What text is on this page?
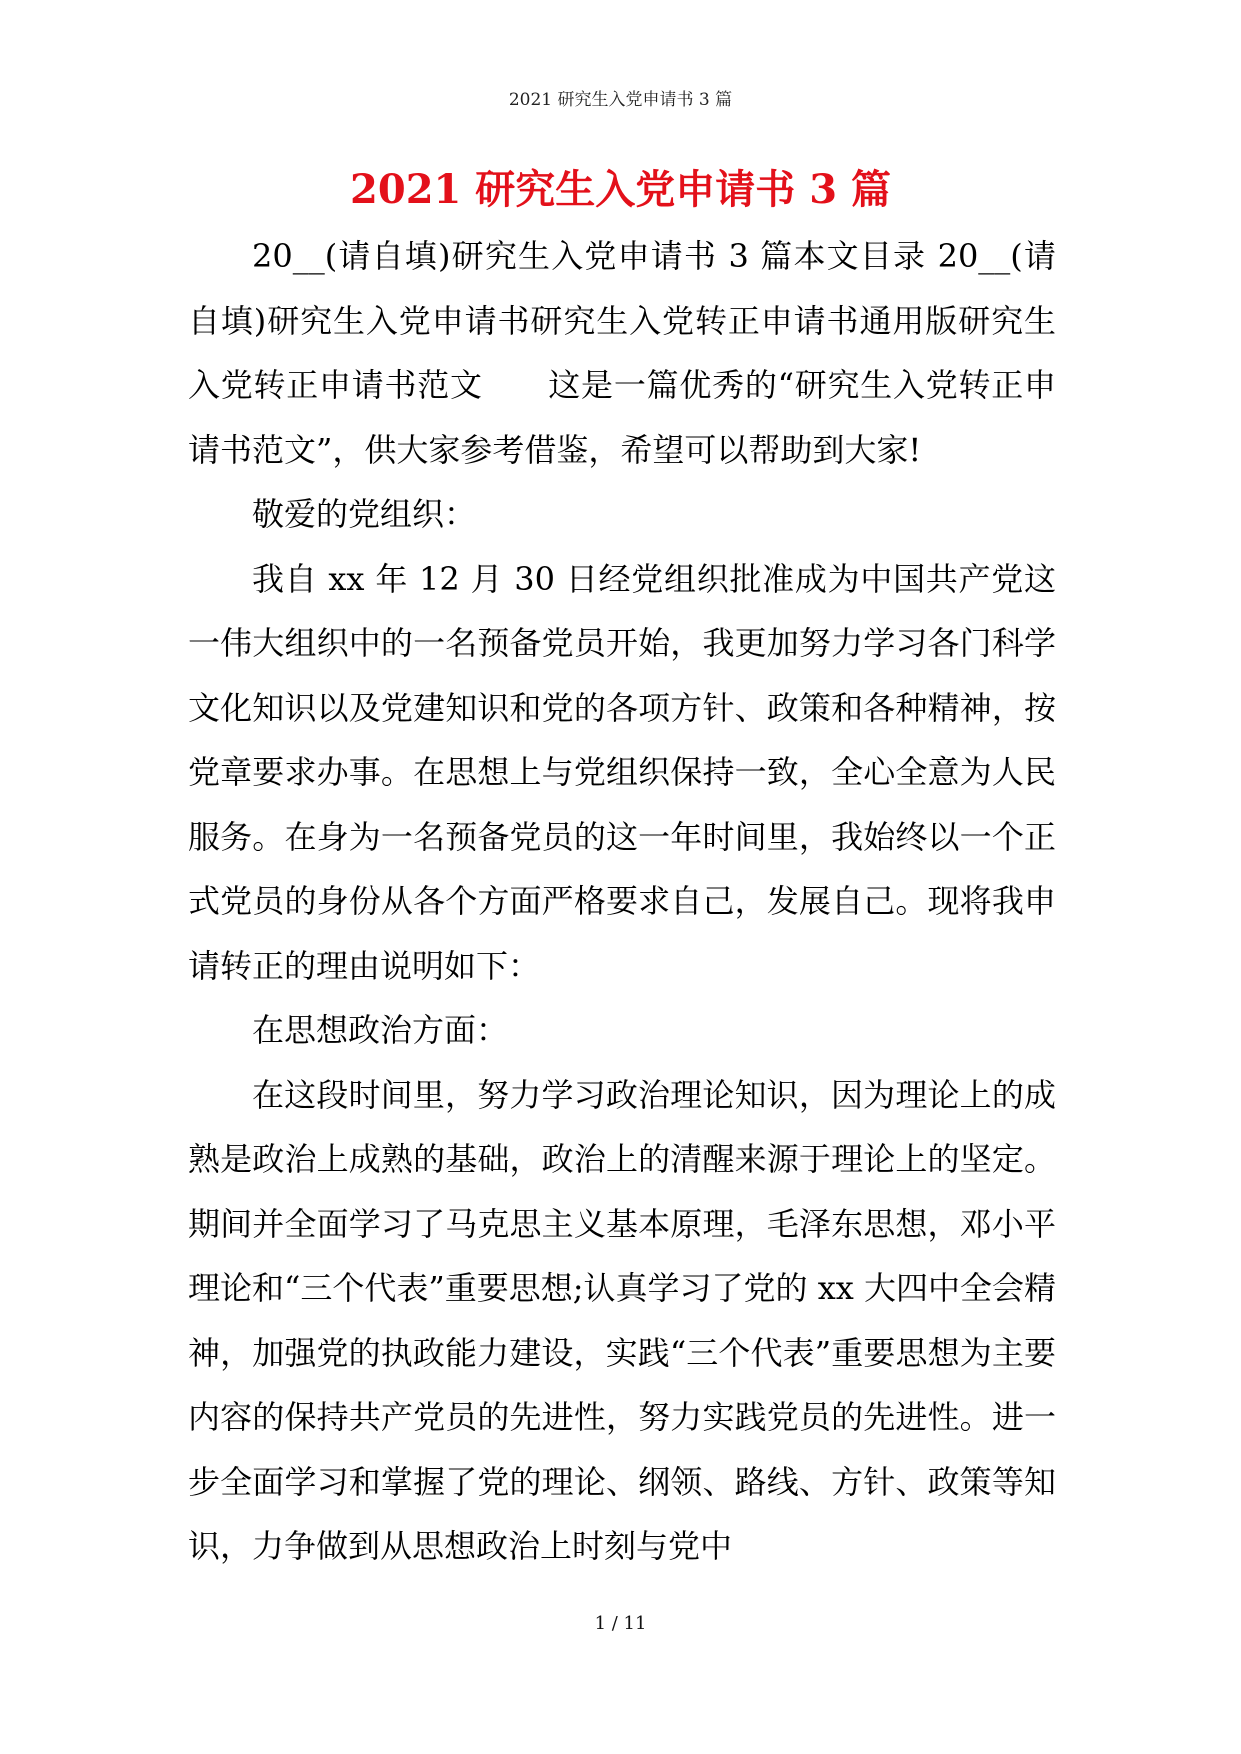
2021 研究生入党申请书 3 篇
2021 研究生入党申请书 3 篇

20__(请自填)研究生入党申请书 3 篇本文目录 20__(请自填)研究生入党申请书研究生入党转正申请书通用版研究生入党转正申请书范文　　这是一篇优秀的“研究生入党转正申请书范文”，供大家参考借鉴，希望可以帮助到大家!

敬爱的党组织：

我自 xx 年 12 月 30 日经党组织批准成为中国共产党这一伟大组织中的一名预备党员开始，我更加努力学习各门科学文化知识以及党建知识和党的各项方针、政策和各种精神，按党章要求办事。在思想上与党组织保持一致，全心全意为人民服务。在身为一名预备党员的这一年时间里，我始终以一个正式党员的身份从各个方面严格要求自己，发展自己。现将我申请转正的理由说明如下：

在思想政治方面：

在这段时间里，努力学习政治理论知识，因为理论上的成熟是政治上成熟的基础，政治上的清醒来源于理论上的坚定。期间并全面学习了马克思主义基本原理，毛泽东思想，邓小平理论和“三个代表”重要思想;认真学习了党的 xx 大四中全会精神，加强党的执政能力建设，实践“三个代表”重要思想为主要内容的保持共产党员的先进性，努力实践党员的先进性。进一步全面学习和掌握了党的理论、纲领、路线、方针、政策等知识，力争做到从思想政治上时刻与党中

1 / 11
